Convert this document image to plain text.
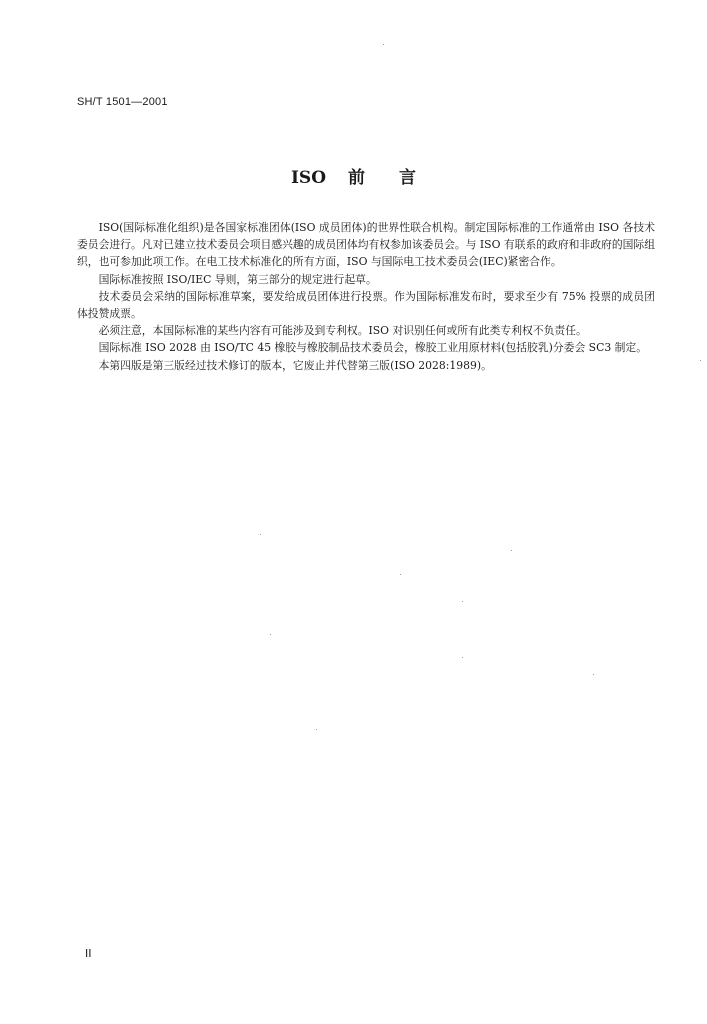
SH/T 1501—2001
ISO 前 言

ISO(国际标准化组织)是各国家标准团体(ISO 成员团体)的世界性联合机构。制定国际标准的工作通常由 ISO 各技术委员会进行。凡对已建立技术委员会项目感兴趣的成员团体均有权参加该委员会。与 ISO 有联系的政府和非政府的国际组织，也可参加此项工作。在电工技术标准化的所有方面，ISO 与国际电工技术委员会(IEC)紧密合作。

国际标准按照 ISO/IEC 导则，第三部分的规定进行起草。

技术委员会采纳的国际标准草案，要发给成员团体进行投票。作为国际标准发布时，要求至少有 75% 投票的成员团体投赞成票。

必须注意，本国际标准的某些内容有可能涉及到专利权。ISO 对识别任何或所有此类专利权不负责任。

国际标准 ISO 2028 由 ISO/TC 45 橡胶与橡胶制品技术委员会，橡胶工业用原材料(包括胶乳)分委会 SC3 制定。

本第四版是第三版经过技术修订的版本，它废止并代替第三版(ISO 2028:1989)。

II
